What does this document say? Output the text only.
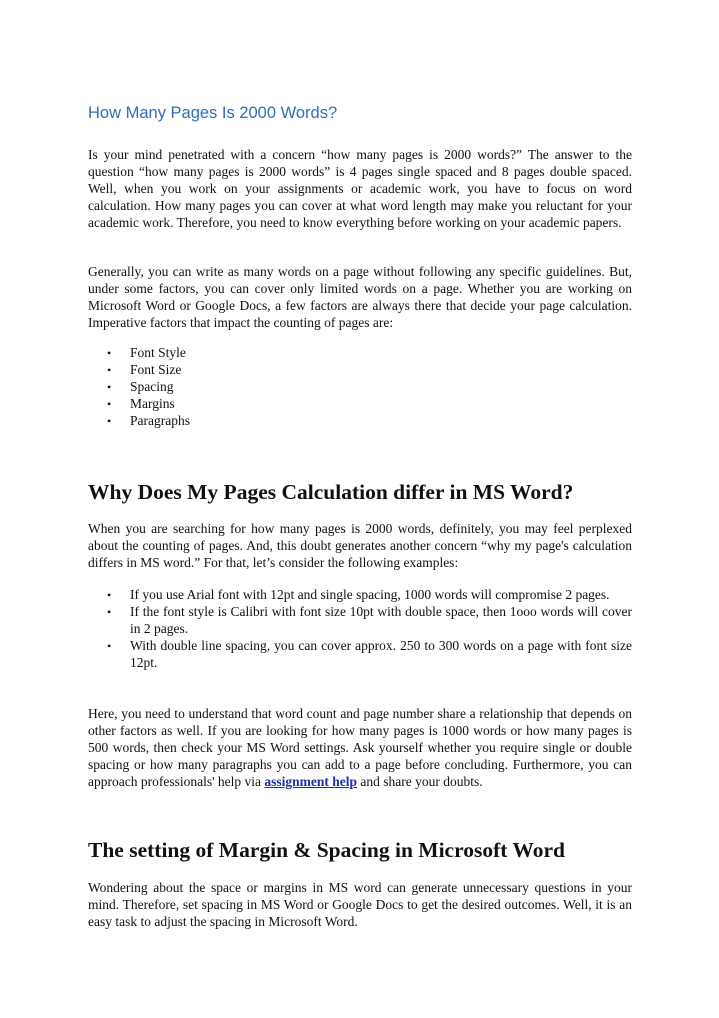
How Many Pages Is 2000 Words?

Is your mind penetrated with a concern “how many pages is 2000 words?” The answer to the question “how many pages is 2000 words” is 4 pages single spaced and 8 pages double spaced. Well, when you work on your assignments or academic work, you have to focus on word calculation. How many pages you can cover at what word length may make you reluctant for your academic work. Therefore, you need to know everything before working on your academic papers.

Generally, you can write as many words on a page without following any specific guidelines. But, under some factors, you can cover only limited words on a page. Whether you are working on Microsoft Word or Google Docs, a few factors are always there that decide your page calculation. Imperative factors that impact the counting of pages are:

• Font Style
• Font Size
• Spacing
• Margins
• Paragraphs
Why Does My Pages Calculation differ in MS Word?

When you are searching for how many pages is 2000 words, definitely, you may feel perplexed about the counting of pages. And, this doubt generates another concern “why my page's calculation differs in MS word.” For that, let’s consider the following examples:

• If you use Arial font with 12pt and single spacing, 1000 words will compromise 2 pages.
• If the font style is Calibri with font size 10pt with double space, then 1ooo words will cover in 2 pages.
• With double line spacing, you can cover approx. 250 to 300 words on a page with font size 12pt.

Here, you need to understand that word count and page number share a relationship that depends on other factors as well. If you are looking for how many pages is 1000 words or how many pages is 500 words, then check your MS Word settings. Ask yourself whether you require single or double spacing or how many paragraphs you can add to a page before concluding. Furthermore, you can approach professionals' help via assignment help and share your doubts.

The setting of Margin & Spacing in Microsoft Word

Wondering about the space or margins in MS word can generate unnecessary questions in your mind. Therefore, set spacing in MS Word or Google Docs to get the desired outcomes. Well, it is an easy task to adjust the spacing in Microsoft Word.
